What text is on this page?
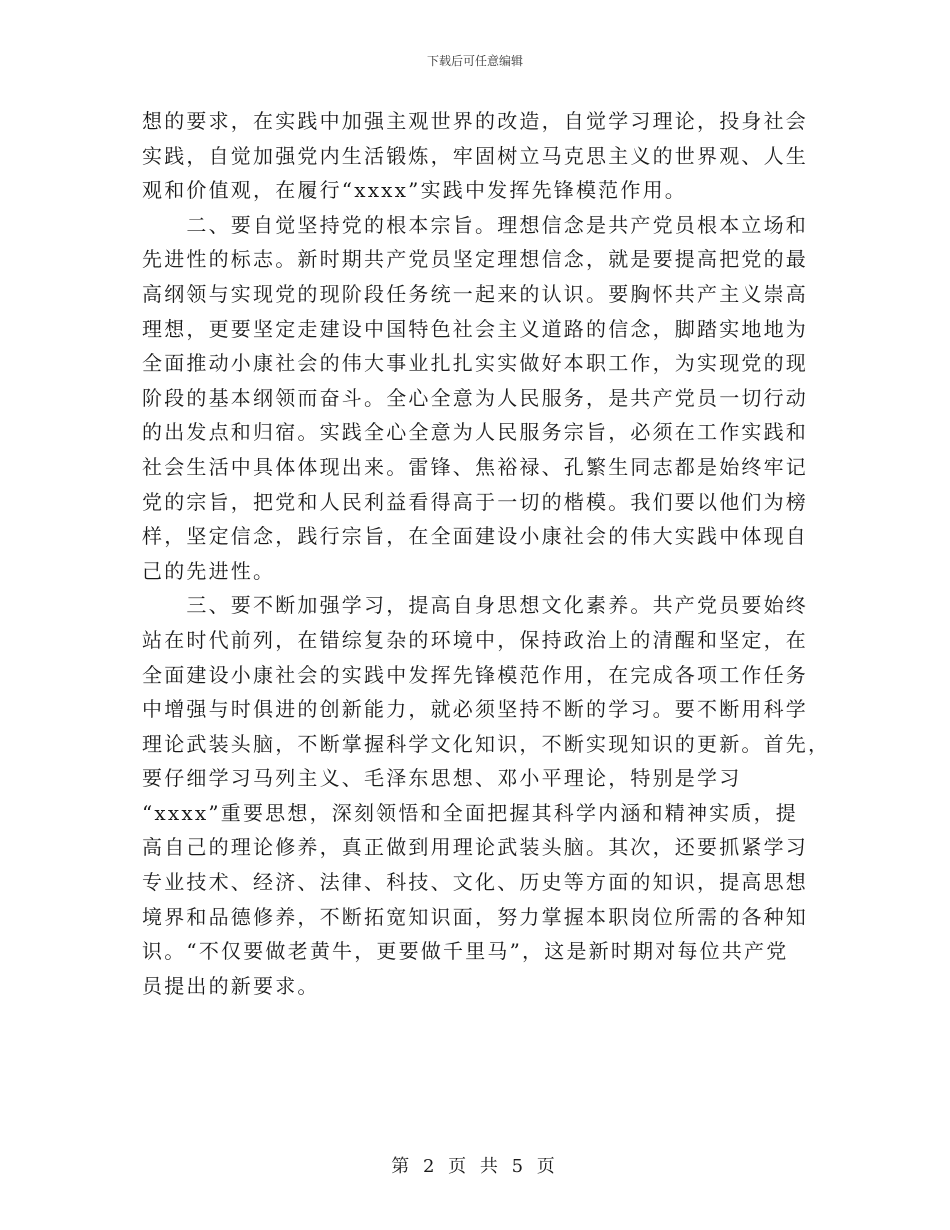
下载后可任意编辑

想的要求，在实践中加强主观世界的改造，自觉学习理论，投身社会
实践，自觉加强党内生活锻炼，牢固树立马克思主义的世界观、人生
观和价值观，在履行“xxxx”实践中发挥先锋模范作用。

　　二、要自觉坚持党的根本宗旨。理想信念是共产党员根本立场和
先进性的标志。新时期共产党员坚定理想信念，就是要提高把党的最
高纲领与实现党的现阶段任务统一起来的认识。要胸怀共产主义崇高
理想，更要坚定走建设中国特色社会主义道路的信念，脚踏实地地为
全面推动小康社会的伟大事业扎扎实实做好本职工作，为实现党的现
阶段的基本纲领而奋斗。全心全意为人民服务，是共产党员一切行动
的出发点和归宿。实践全心全意为人民服务宗旨，必须在工作实践和
社会生活中具体体现出来。雷锋、焦裕禄、孔繁生同志都是始终牢记
党的宗旨，把党和人民利益看得高于一切的楷模。我们要以他们为榜
样，坚定信念，践行宗旨，在全面建设小康社会的伟大实践中体现自
己的先进性。

　　三、要不断加强学习，提高自身思想文化素养。共产党员要始终
站在时代前列，在错综复杂的环境中，保持政治上的清醒和坚定，在
全面建设小康社会的实践中发挥先锋模范作用，在完成各项工作任务
中增强与时俱进的创新能力，就必须坚持不断的学习。要不断用科学
理论武装头脑，不断掌握科学文化知识，不断实现知识的更新。首先，
要仔细学习马列主义、毛泽东思想、邓小平理论，特别是学习
“xxxx”重要思想，深刻领悟和全面把握其科学内涵和精神实质，提
高自己的理论修养，真正做到用理论武装头脑。其次，还要抓紧学习
专业技术、经济、法律、科技、文化、历史等方面的知识，提高思想
境界和品德修养，不断拓宽知识面，努力掌握本职岗位所需的各种知
识。“不仅要做老黄牛，更要做千里马”，这是新时期对每位共产党
员提出的新要求。

第 2 页 共 5 页
